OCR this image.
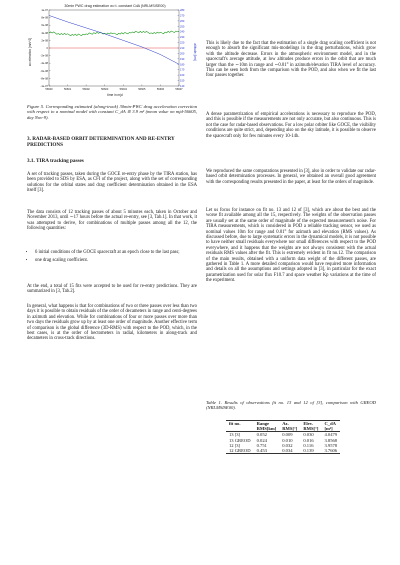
30min PWC drag estimation w.r.t. constant CdA (NRLMSISE00)
acceleration [m/s^2]	altitude [km]
time in mjd
1e-07
8e-08
6e-08
4e-08
2e-08
0
-2e-08
-4e-08
-6e-08
-8e-08
-1e-07
280
270
260
250
240
230
220
210
200
190
180
170
160
150
140
56600	56601	56602	56603	56604	56605	56606	56607

Figure 5. Corresponding estimated (along-track) 30min-PWC drag acceleration correction with respect to a nominal model with constant C_dA ≅ 3.9 m² (mean value on mjd-56605, day Nov-9).

3. RADAR-BASED ORBIT DETERMINATION AND RE-ENTRY PREDICTIONS
3.1. TIRA tracking passes

A set of tracking passes, taken during the GOCE re-entry phase by the TIRA station, has been provided to SDS by ESA, as CFI of the project, along with the set of corresponding solutions for the orbital states and drag coefficient determination obtained in the ESA itself [3].

The data consists of 12 tracking passes of about 5 minutes each, taken in October and November 2013, until ∼17 hours before the actual re-entry, see [3, Tab.1]. In that work, it was attempted to derive, for combinations of multiple passes among all the 12, the following quantities:

• 6 initial conditions of the GOCE spacecraft at an epoch close to the last pass;
• one drag scaling coefficient.

At the end, a total of 15 fits were accepted to be used for re-entry predictions. They are summarized in [3, Tab.2].

In general, what happens is that for combinations of two or three passes over less than two days it is possible to obtain residuals of the order of decameters in range and centi-degrees in azimuth and elevation. While for combinations of four or more passes over more than two days the residuals grow up by at least one order of magnitude. Another effective term of comparison is the global difference (3D-RMS) with respect to the POD, which, in the best cases, is at the order of hectometers in radial, kilometers in along-track and decameters in cross-track directions.

This is likely due to the fact that the estimation of a single drag scaling coefficient is not enough to absorb the significant mis-modelings in the drag perturbations, which grow with the altitude decrease. Errors in the atmospheric environment model, and in the spacecraft's average attitude, at low altitudes produce errors in the orbit that are much larger than the ∼10m in range and ∼0.01° in azimuth/elevation TIRA level of accuracy. This can be seen both from the comparison with the POD, and also when we fit the last four passes together.

A dense parametrization of empirical accelerations is necessary to reproduce the POD, and this is possible if the measurements are not only accurate, but also continuous. This is not the case for radar-based observations. For a low polar orbiter like GOCE, the visibility conditions are quite strict, and, depending also on the sky latitude, it is possible to observe the spacecraft only for few minutes every 10-14h.

We reproduced the same computations presented in [3], also in order to validate our radar-based orbit determination processes. In general, we obtained an overall good agreement with the corresponding results presented in the paper, at least for the orders of magnitude.

Let us focus for instance on fit no. 13 and 12 of [3], which are about the best and the worse fit available among all the 15, respectively. The weights of the observation passes are usually set at the same order of magnitude of the expected measurement's noise. For TIRA measurements, which is considered in POD a reliable tracking sensor, we used as nominal values 10m for range and 0.01° for azimuth and elevation (RMS values). As discussed before, due to large systematic errors in the dynamical models, it is not possible to have neither small residuals everywhere nor small differences with respect to the POD everywhere, and it happens that the weights are not always consistent with the actual residuals RMS values after the fit. This is extremely evident in fit no.12. The comparison of the main results, obtained with a uniform data weight of the different passes, are gathered in Table 1. A more detailed comparison would have required more information and details on all the assumptions and settings adopted in [3], in particular for the exact parametrization used for solar flux F10.7 and space weather Kp variations at the time of the experiment.

Table 1. Results of observations fit no. 13 and 12 of [3], comparison with GREOD (NRLMSISE00).

fit no.	Range	Az.	Elev.	C_dA
	RMS[km]	RMS[°]	RMS[°]	[m²]
13 [3]	0.052	0.009	0.030	4.0479
13 GREOD	0.024	0.010	0.016	3.8568
12 [3]	0.751	0.032	0.116	3.9578
12 GREOD	0.453	0.034	0.139	3.7606
